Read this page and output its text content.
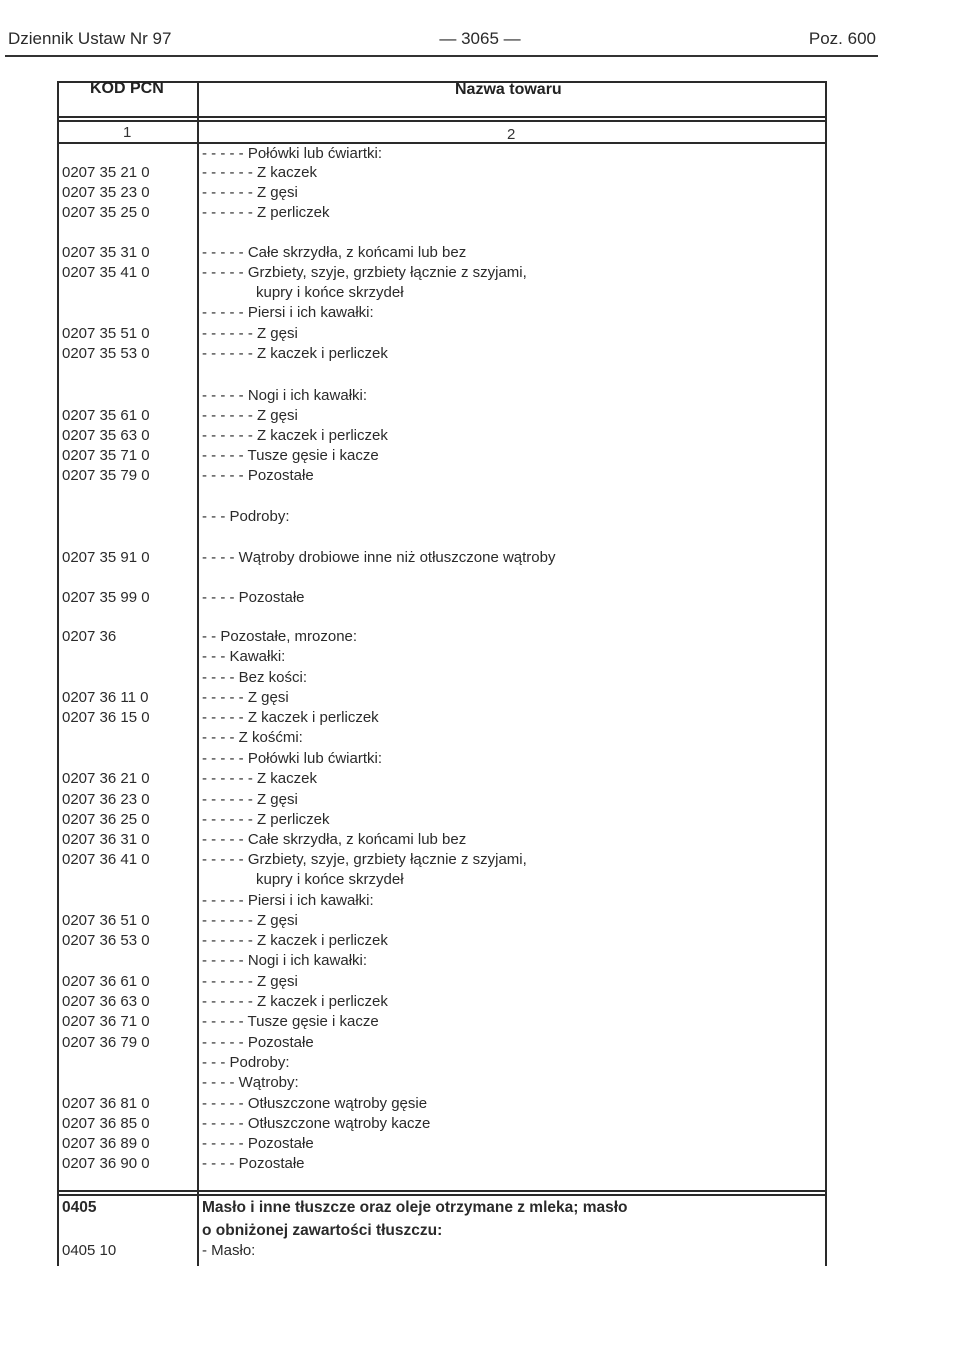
Dziennik Ustaw Nr 97	— 3065 —	Poz. 600
KOD PCN	Nazwa towaru
1	2
- - - - - Połówki lub ćwiartki:
0207 35 21 0	- - - - - - Z kaczek
0207 35 23 0	- - - - - - Z gęsi
0207 35 25 0	- - - - - - Z perliczek
0207 35 31 0	- - - - - Całe skrzydła, z końcami lub bez
0207 35 41 0	- - - - - Grzbiety, szyje, grzbiety łącznie z szyjami,
kupry i końce skrzydeł
- - - - - Piersi i ich kawałki:
0207 35 51 0	- - - - - - Z gęsi
0207 35 53 0	- - - - - - Z kaczek i perliczek
- - - - - Nogi i ich kawałki:
0207 35 61 0	- - - - - - Z gęsi
0207 35 63 0	- - - - - - Z kaczek i perliczek
0207 35 71 0	- - - - - Tusze gęsie i kacze
0207 35 79 0	- - - - - Pozostałe
- - - Podroby:
0207 35 91 0	- - - - Wątroby drobiowe inne niż otłuszczone wątroby
0207 35 99 0	- - - - Pozostałe
0207 36	- - Pozostałe, mrozone:
- - - Kawałki:
- - - - Bez kości:
0207 36 11 0	- - - - - Z gęsi
0207 36 15 0	- - - - - Z kaczek i perliczek
- - - - Z kośćmi:
- - - - - Połówki lub ćwiartki:
0207 36 21 0	- - - - - - Z kaczek
0207 36 23 0	- - - - - - Z gęsi
0207 36 25 0	- - - - - - Z perliczek
0207 36 31 0	- - - - - Całe skrzydła, z końcami lub bez
0207 36 41 0	- - - - - Grzbiety, szyje, grzbiety łącznie z szyjami,
kupry i końce skrzydeł
- - - - - Piersi i ich kawałki:
0207 36 51 0	- - - - - - Z gęsi
0207 36 53 0	- - - - - - Z kaczek i perliczek
- - - - - Nogi i ich kawałki:
0207 36 61 0	- - - - - - Z gęsi
0207 36 63 0	- - - - - - Z kaczek i perliczek
0207 36 71 0	- - - - - Tusze gęsie i kacze
0207 36 79 0	- - - - - Pozostałe
- - - Podroby:
- - - - Wątroby:
0207 36 81 0	- - - - - Otłuszczone wątroby gęsie
0207 36 85 0	- - - - - Otłuszczone wątroby kacze
0207 36 89 0	- - - - - Pozostałe
0207 36 90 0	- - - - Pozostałe
0405	Masło i inne tłuszcze oraz oleje otrzymane z mleka; masło
o obniżonej zawartości tłuszczu:
0405 10	- Masło:
